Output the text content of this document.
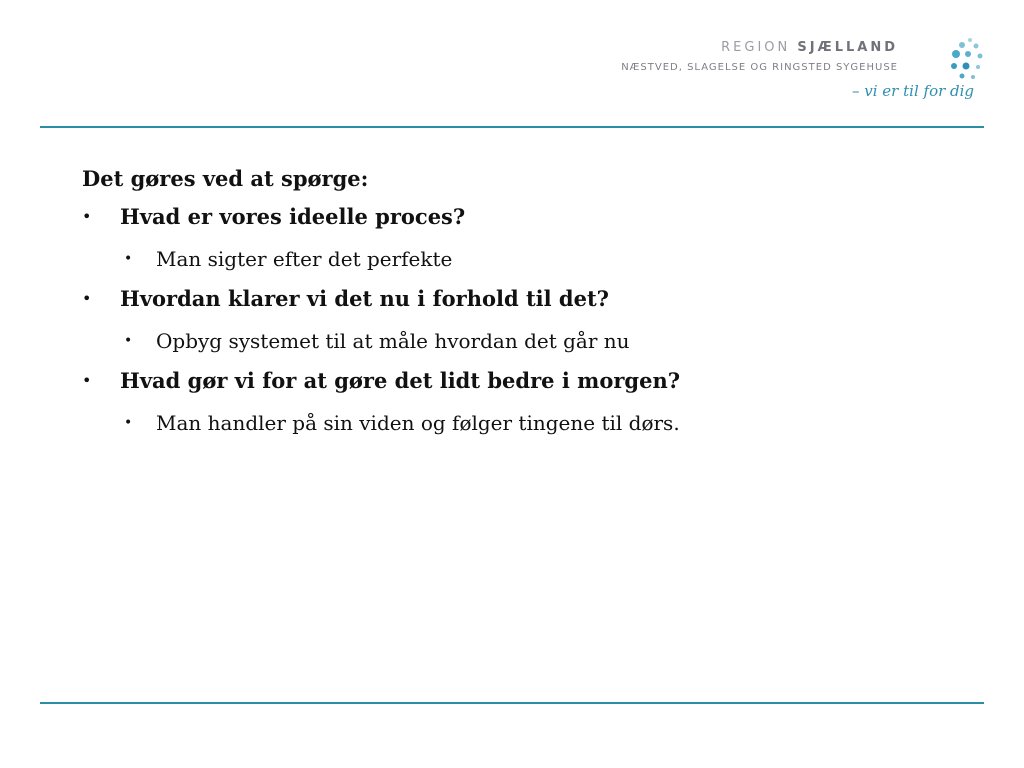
REGION SJÆLLAND
NÆSTVED, SLAGELSE OG RINGSTED SYGEHUSE
– vi er til for dig
Det gøres ved at spørge:
• Hvad er vores ideelle proces?
• Man sigter efter det perfekte
• Hvordan klarer vi det nu i forhold til det?
• Opbyg systemet til at måle hvordan det går nu
• Hvad gør vi for at gøre det lidt bedre i morgen?
• Man handler på sin viden og følger tingene til dørs.
